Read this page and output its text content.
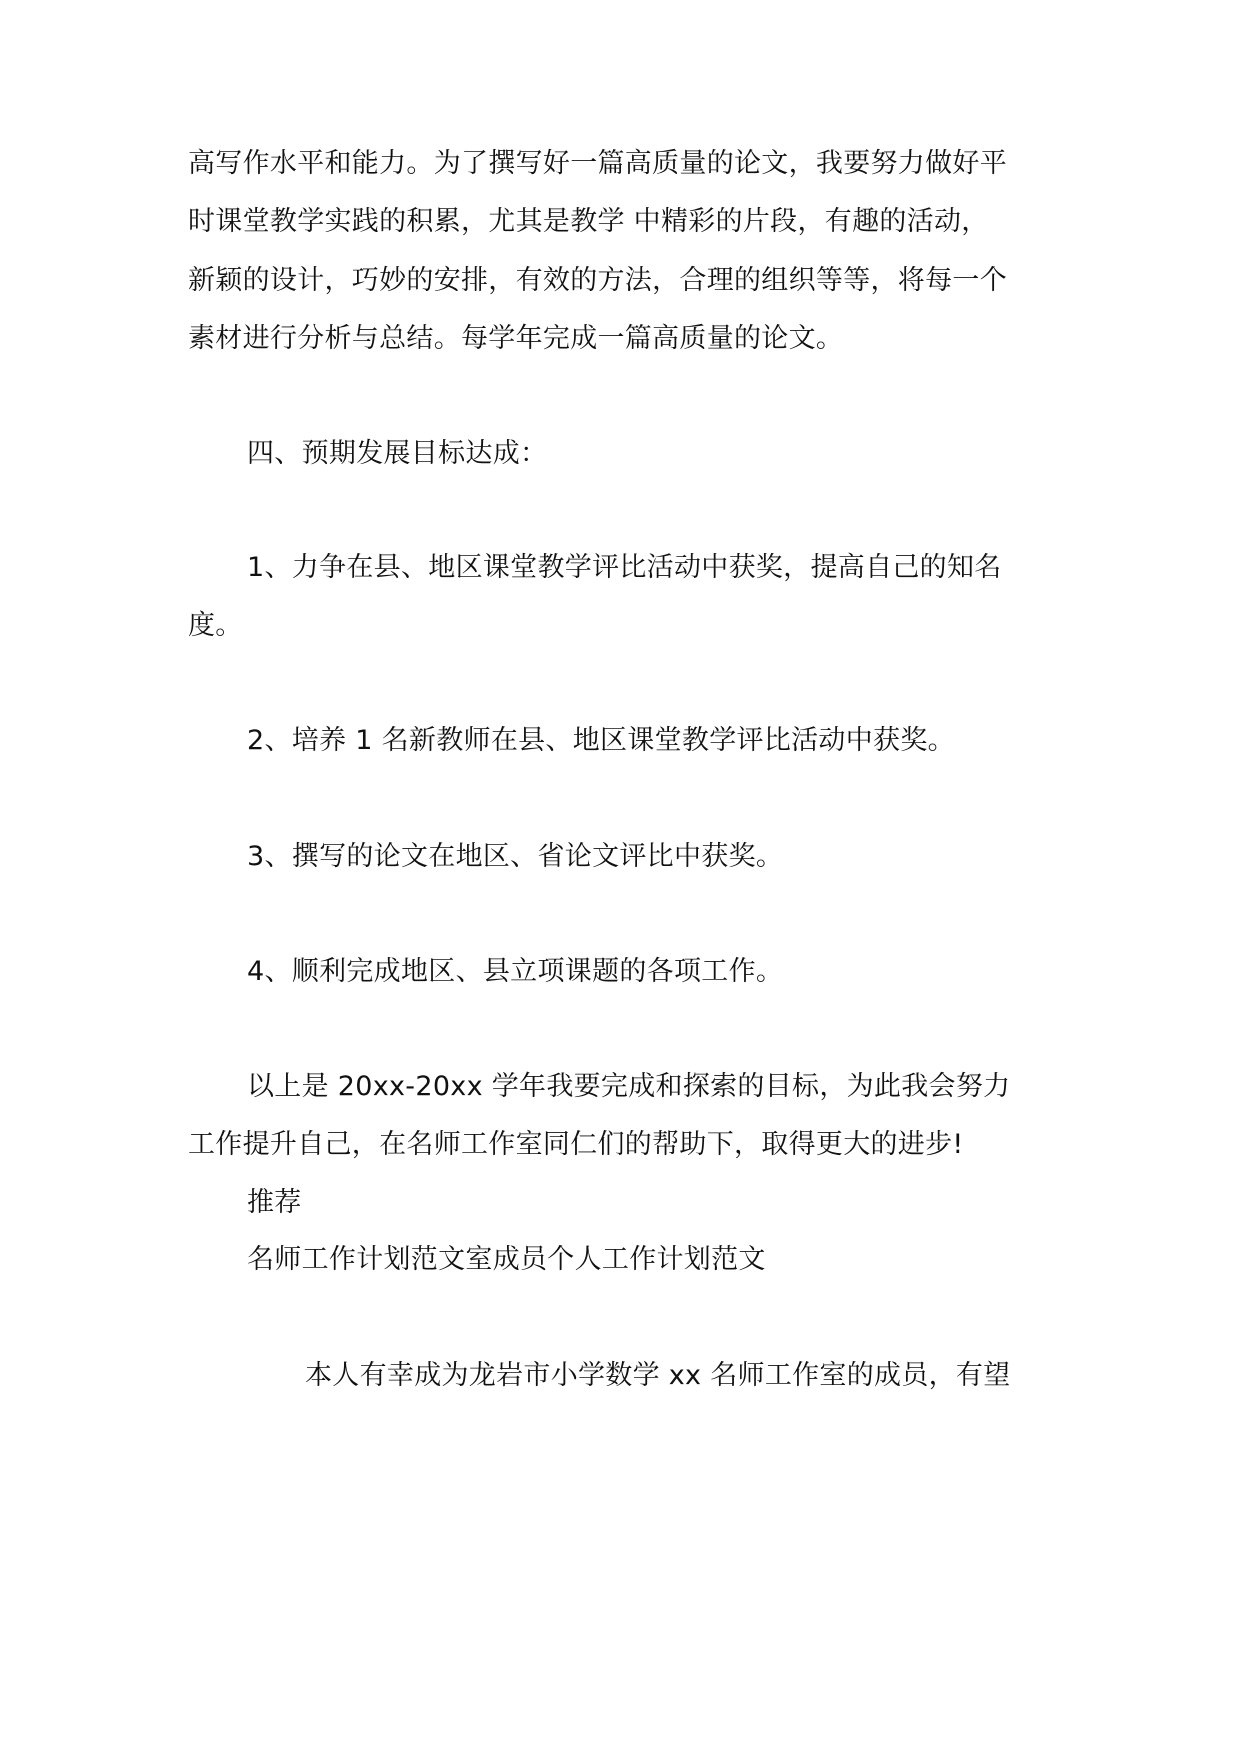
高写作水平和能力。为了撰写好一篇高质量的论文，我要努力做好平
时课堂教学实践的积累，尤其是教学 中精彩的片段，有趣的活动，
新颖的设计，巧妙的安排，有效的方法，合理的组织等等，将每一个
素材进行分析与总结。每学年完成一篇高质量的论文。
四、预期发展目标达成：
1、力争在县、地区课堂教学评比活动中获奖，提高自己的知名
度。
2、培养 1 名新教师在县、地区课堂教学评比活动中获奖。
3、撰写的论文在地区、省论文评比中获奖。
4、顺利完成地区、县立项课题的各项工作。
以上是 20xx-20xx 学年我要完成和探索的目标，为此我会努力
工作提升自己，在名师工作室同仁们的帮助下，取得更大的进步!
推荐
名师工作计划范文室成员个人工作计划范文
本人有幸成为龙岩市小学数学 xx 名师工作室的成员，有望
